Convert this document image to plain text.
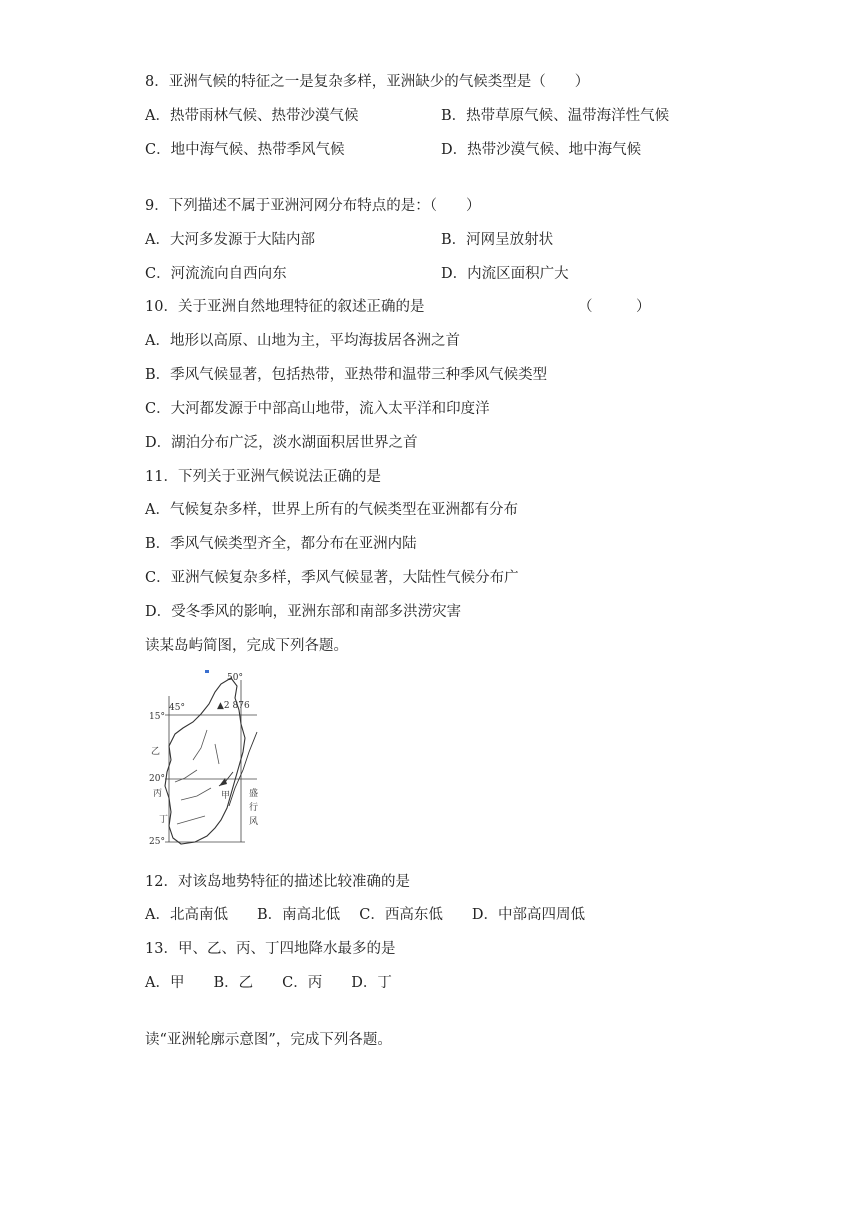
8．亚洲气候的特征之一是复杂多样，亚洲缺少的气候类型是（　　）
A．热带雨林气候、热带沙漠气候	B．热带草原气候、温带海洋性气候
C．地中海气候、热带季风气候	D．热带沙漠气候、地中海气候
9．下列描述不属于亚洲河网分布特点的是：（　　）
A．大河多发源于大陆内部	B．河网呈放射状
C．河流流向自西向东	D．内流区面积广大
10．关于亚洲自然地理特征的叙述正确的是	（　　　）
A．地形以高原、山地为主，平均海拔居各洲之首
B．季风气候显著，包括热带，亚热带和温带三种季风气候类型
C．大河都发源于中部高山地带，流入太平洋和印度洋
D．湖泊分布广泛，淡水湖面积居世界之首
11．下列关于亚洲气候说法正确的是
A．气候复杂多样，世界上所有的气候类型在亚洲都有分布
B．季风气候类型齐全，都分布在亚洲内陆
C．亚洲气候复杂多样，季风气候显著，大陆性气候分布广
D．受冬季风的影响，亚洲东部和南部多洪涝灾害
读某岛屿简图，完成下列各题。
50°
45°
15°
▲2 876
乙
20°
丙	甲
丁
25°
盛
行
风
12．对该岛地势特征的描述比较准确的是
A．北高南低　　B．南高北低　 C．西高东低　　D．中部高四周低
13．甲、乙、丙、丁四地降水最多的是
A．甲　　B．乙　　C．丙　　D．丁
读“亚洲轮廓示意图”，完成下列各题。
